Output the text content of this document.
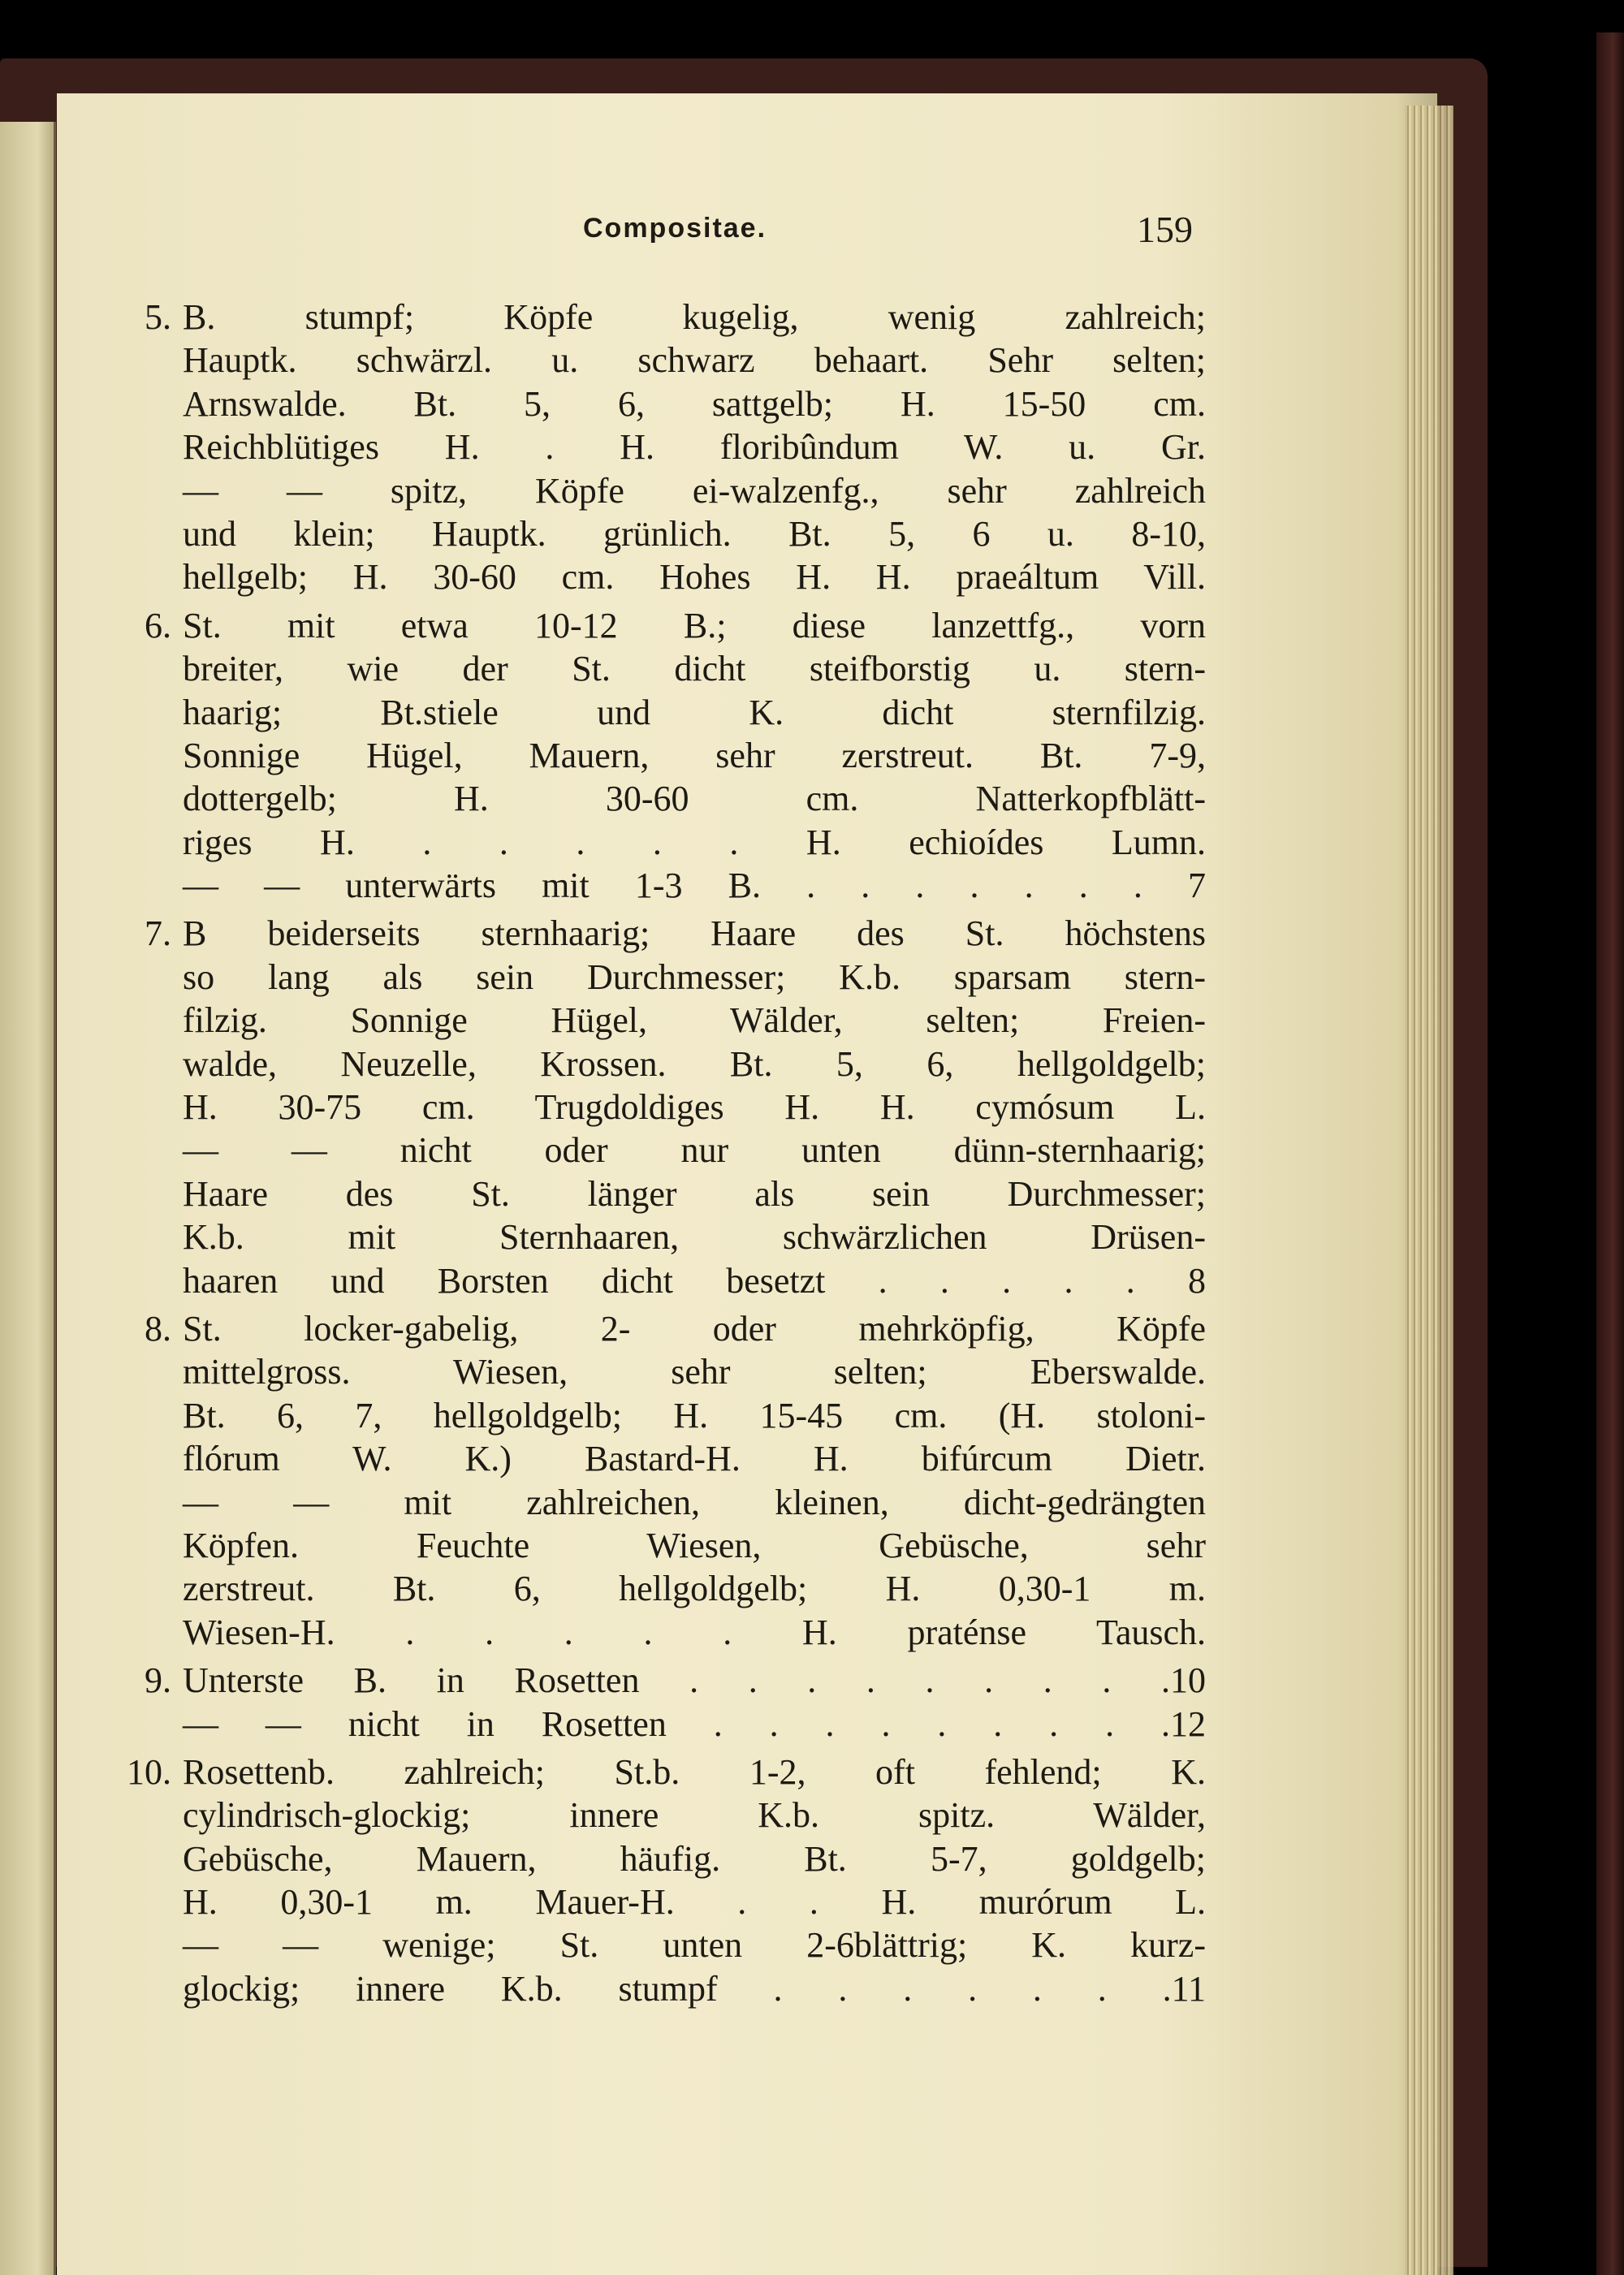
Compositae.	159
5. B. stumpf; Köpfe kugelig, wenig zahlreich;
Hauptk. schwärzl. u. schwarz behaart. Sehr selten;
Arnswalde. Bt. 5, 6, sattgelb; H. 15-50 cm.
Reichblütiges H. . H. floribûndum W. u. Gr.
— — spitz, Köpfe ei-walzenfg., sehr zahlreich
und klein; Hauptk. grünlich. Bt. 5, 6 u. 8-10,
hellgelb; H. 30-60 cm. Hohes H. H. praeáltum Vill.
6. St. mit etwa 10-12 B.; diese lanzettfg., vorn
breiter, wie der St. dicht steifborstig u. stern-
haarig; Bt.stiele und K. dicht sternfilzig.
Sonnige Hügel, Mauern, sehr zerstreut. Bt. 7-9,
dottergelb; H. 30-60 cm. Natterkopfblätt-
riges H. . . . . . H. echioídes Lumn.
— — unterwärts mit 1-3 B. . . . . . . . 7
7. B beiderseits sternhaarig; Haare des St. höchstens
so lang als sein Durchmesser; K.b. sparsam stern-
filzig. Sonnige Hügel, Wälder, selten; Freien-
walde, Neuzelle, Krossen. Bt. 5, 6, hellgoldgelb;
H. 30-75 cm. Trugdoldiges H. H. cymósum L.
— — nicht oder nur unten dünn-sternhaarig;
Haare des St. länger als sein Durchmesser;
K.b. mit Sternhaaren, schwärzlichen Drüsen-
haaren und Borsten dicht besetzt . . . . . 8
8. St. locker-gabelig, 2- oder mehrköpfig, Köpfe
mittelgross. Wiesen, sehr selten; Eberswalde.
Bt. 6, 7, hellgoldgelb; H. 15-45 cm. (H. stoloni-
flórum W. K.) Bastard-H. H. bifúrcum Dietr.
— — mit zahlreichen, kleinen, dicht-gedrängten
Köpfen. Feuchte Wiesen, Gebüsche, sehr
zerstreut. Bt. 6, hellgoldgelb; H. 0,30-1 m.
Wiesen-H. . . . . . H. praténse Tausch.
9. Unterste B. in Rosetten . . . . . . . . .10
— — nicht in Rosetten . . . . . . . . .12
10. Rosettenb. zahlreich; St.b. 1-2, oft fehlend; K.
cylindrisch-glockig; innere K.b. spitz. Wälder,
Gebüsche, Mauern, häufig. Bt. 5-7, goldgelb;
H. 0,30-1 m. Mauer-H. . . H. murórum L.
— — wenige; St. unten 2-6blättrig; K. kurz-
glockig; innere K.b. stumpf . . . . . . .11
